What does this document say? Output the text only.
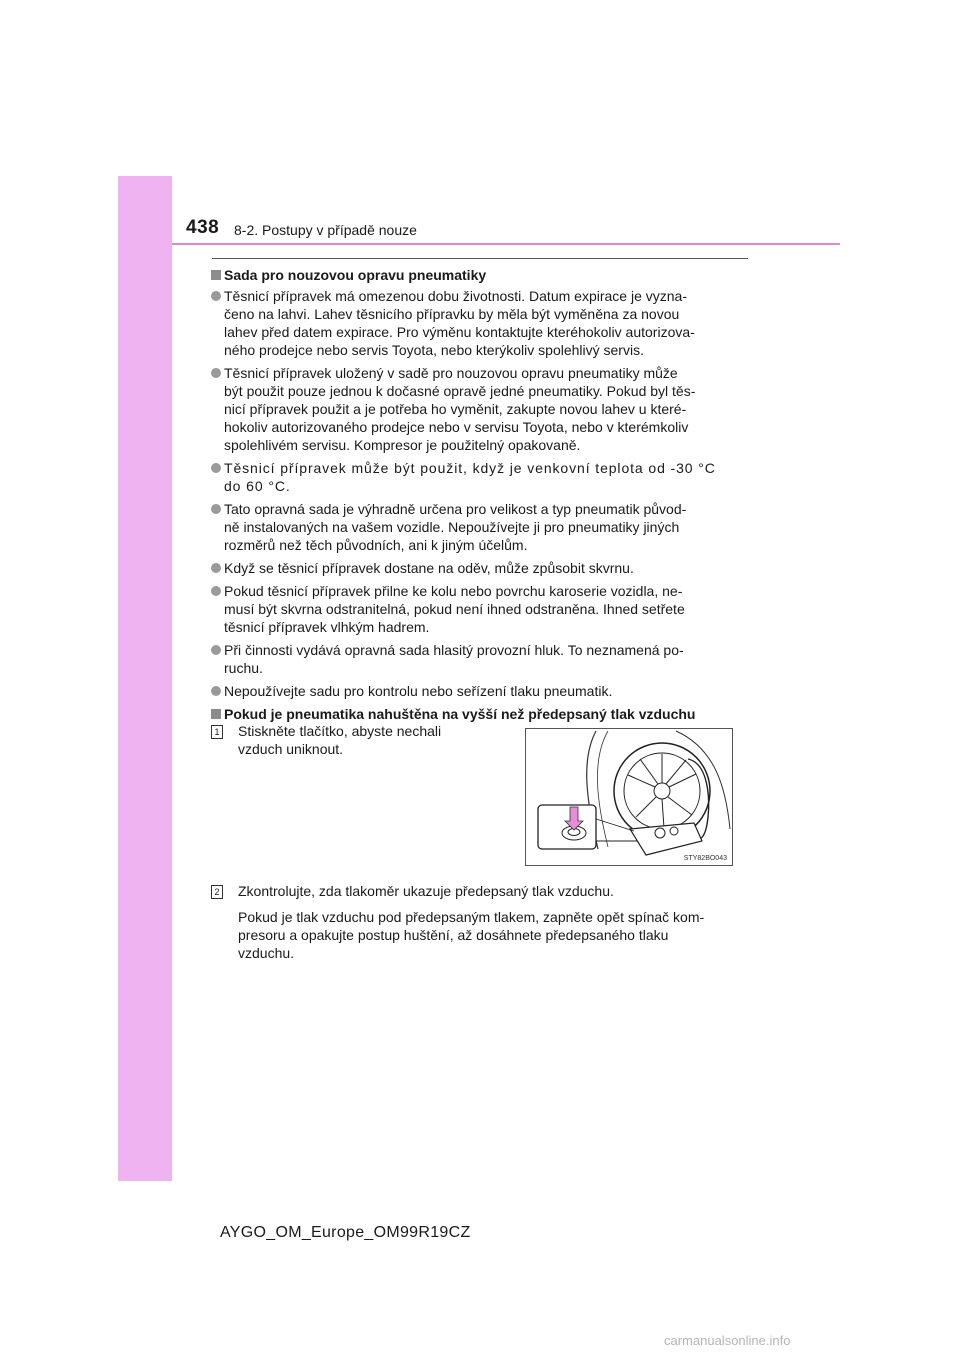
438 8-2. Postupy v případě nouze
Sada pro nouzovou opravu pneumatiky
Těsnicí přípravek má omezenou dobu životnosti. Datum expirace je vyzna-
čeno na lahvi. Lahev těsnicího přípravku by měla být vyměněna za novou
lahev před datem expirace. Pro výměnu kontaktujte kteréhokoliv autorizova-
ného prodejce nebo servis Toyota, nebo kterýkoliv spolehlivý servis.
Těsnicí přípravek uložený v sadě pro nouzovou opravu pneumatiky může
být použit pouze jednou k dočasné opravě jedné pneumatiky. Pokud byl těs-
nicí přípravek použit a je potřeba ho vyměnit, zakupte novou lahev u které-
hokoliv autorizovaného prodejce nebo v servisu Toyota, nebo v kterémkoliv
spolehlivém servisu. Kompresor je použitelný opakovaně.
Těsnicí přípravek může být použit, když je venkovní teplota od -30 °C
do 60 °C.
Tato opravná sada je výhradně určena pro velikost a typ pneumatik původ-
ně instalovaných na vašem vozidle. Nepoužívejte ji pro pneumatiky jiných
rozměrů než těch původních, ani k jiným účelům.
Když se těsnicí přípravek dostane na oděv, může způsobit skvrnu.
Pokud těsnicí přípravek přilne ke kolu nebo povrchu karoserie vozidla, ne-
musí být skvrna odstranitelná, pokud není ihned odstraněna. Ihned setřete
těsnicí přípravek vlhkým hadrem.
Při činnosti vydává opravná sada hlasitý provozní hluk. To neznamená po-
ruchu.
Nepoužívejte sadu pro kontrolu nebo seřízení tlaku pneumatik.
Pokud je pneumatika nahuštěna na vyšší než předepsaný tlak vzduchu
1 Stiskněte tlačítko, abyste nechali
vzduch uniknout.
STY82BO043
2	Zkontrolujte, zda tlakoměr ukazuje předepsaný tlak vzduchu.
Pokud je tlak vzduchu pod předepsaným tlakem, zapněte opět spínač kom-
presoru a opakujte postup huštění, až dosáhnete předepsaného tlaku
vzduchu.
AYGO_OM_Europe_OM99R19CZ
carmanualsonline.info
